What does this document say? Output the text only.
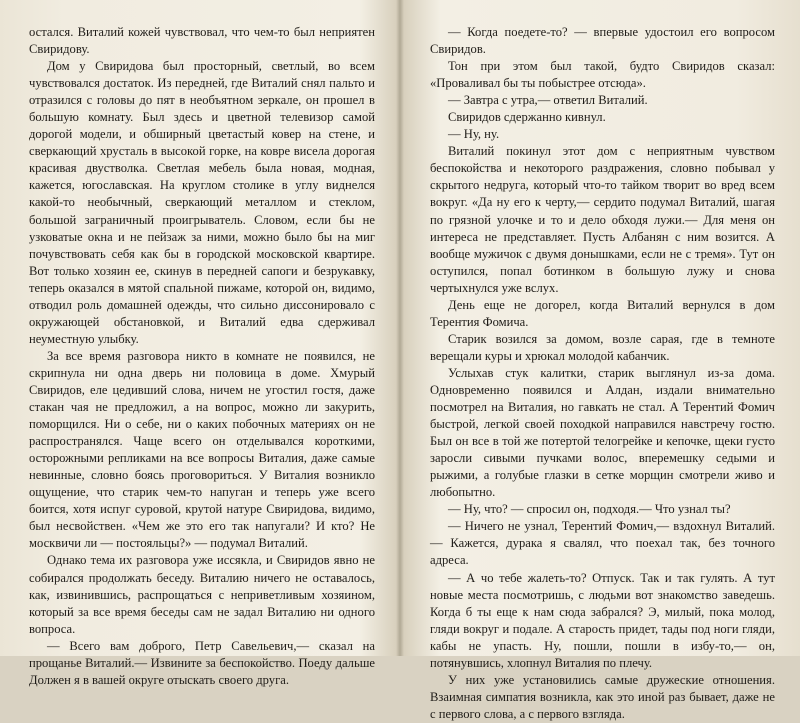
остался. Виталий кожей чувствовал, что чем-то был неприятен Свиридову.

Дом у Свиридова был просторный, светлый, во всем чувствовался достаток. Из передней, где Виталий снял пальто и отразился с головы до пят в необъятном зеркале, он прошел в большую комнату. Был здесь и цветной телевизор самой дорогой модели, и обширный цветастый ковер на стене, и сверкающий хрусталь в высокой горке, на ковре висела дорогая красивая двустволка. Светлая мебель была новая, модная, кажется, югославская. На круглом столике в углу виднелся какой-то необычный, сверкающий металлом и стеклом, большой заграничный проигрыватель. Словом, если бы не узковатые окна и не пейзаж за ними, можно было бы на миг почувствовать себя как бы в городской московской квартире. Вот только хозяин ее, скинув в передней сапоги и безрукавку, теперь оказался в мятой спальной пижаме, которой он, видимо, отводил роль домашней одежды, что сильно диссонировало с окружающей обстановкой, и Виталий едва сдерживал неуместную улыбку.

За все время разговора никто в комнате не появился, не скрипнула ни одна дверь ни половица в доме. Хмурый Свиридов, еле цедивший слова, ничем не угостил гостя, даже стакан чая не предложил, а на вопрос, можно ли закурить, поморщился. Ни о себе, ни о каких побочных материях он не распространялся. Чаще всего он отделывался короткими, осторожными репликами на все вопросы Виталия, даже самые невинные, словно боясь проговориться. У Виталия возникло ощущение, что старик чем-то напуган и теперь уже всего боится, хотя испуг суровой, крутой натуре Свиридова, видимо, был несвойствен. «Чем же это его так напугали? И кто? Не москвичи ли — постояльцы?» — подумал Виталий.

Однако тема их разговора уже иссякла, и Свиридов явно не собирался продолжать беседу. Виталию ничего не оставалось, как, извинившись, распрощаться с неприветливым хозяином, который за все время беседы сам не задал Виталию ни одного вопроса.

— Всего вам доброго, Петр Савельевич,— сказал на прощанье Виталий.— Извините за беспокойство. Поеду дальше Должен я в вашей округе отыскать своего друга.

— Когда поедете-то? — впервые удостоил его вопросом Свиридов.

Тон при этом был такой, будто Свиридов сказал: «Проваливал бы ты побыстрее отсюда».

— Завтра с утра,— ответил Виталий.

Свиридов сдержанно кивнул.

— Ну, ну.

Виталий покинул этот дом с неприятным чувством беспокойства и некоторого раздражения, словно побывал у скрытого недруга, который что-то тайком творит во вред всем вокруг. «Да ну его к черту,— сердито подумал Виталий, шагая по грязной улочке и то и дело обходя лужи.— Для меня он интереса не представляет. Пусть Албанян с ним возится. А вообще мужичок с двумя донышками, если не с тремя». Тут он оступился, попал ботинком в большую лужу и снова чертыхнулся уже вслух.

День еще не догорел, когда Виталий вернулся в дом Терентия Фомича.

Старик возился за домом, возле сарая, где в темноте верещали куры и хрюкал молодой кабанчик.

Услыхав стук калитки, старик выглянул из-за дома. Одновременно появился и Алдан, издали внимательно посмотрел на Виталия, но гавкать не стал. А Терентий Фомич быстрой, легкой своей походкой направился навстречу гостю. Был он все в той же потертой телогрейке и кепочке, щеки густо заросли сивыми пучками волос, вперемешку седыми и рыжими, а голубые глазки в сетке морщин смотрели живо и любопытно.

— Ну, что? — спросил он, подходя.— Что узнал ты?

— Ничего не узнал, Терентий Фомич,— вздохнул Виталий.— Кажется, дурака я свалял, что поехал так, без точного адреса.

— А чо тебе жалеть-то? Отпуск. Так и так гулять. А тут новые места посмотришь, с людьми вот знакомство заведешь. Когда б ты еще к нам сюда забрался? Э, милый, пока молод, гляди вокруг и подале. А старость придет, тады под ноги гляди, кабы не упасть. Ну, пошли, пошли в избу-то,— он, потянувшись, хлопнул Виталия по плечу.

У них уже установились самые дружеские отношения. Взаимная симпатия возникла, как это иной раз бывает, даже не с первого слова, а с первого взгляда.
